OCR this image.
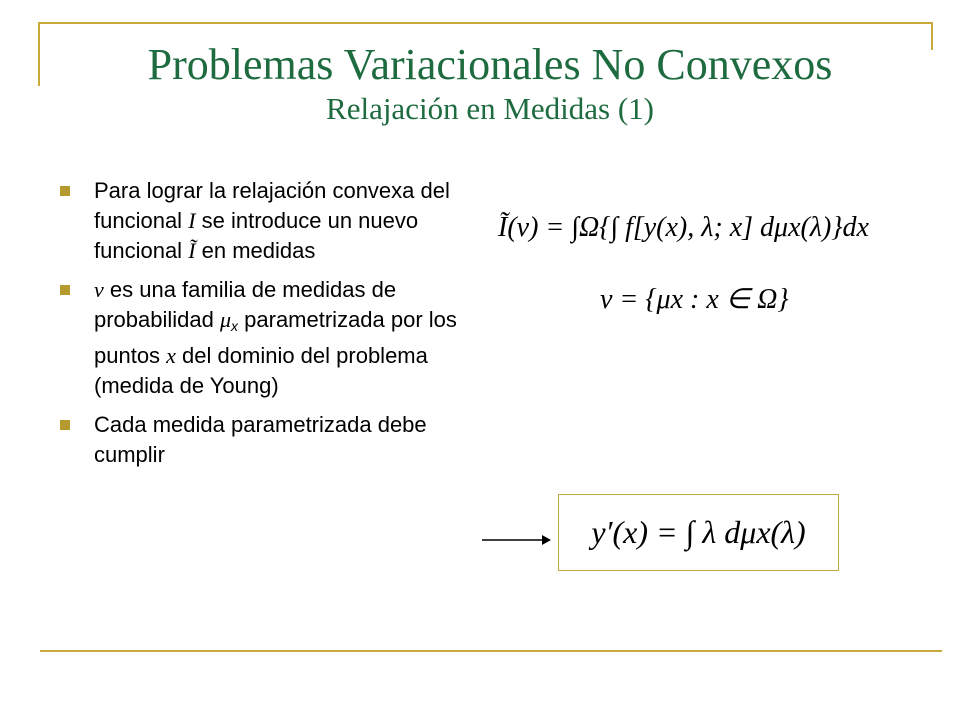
Problemas Variacionales No Convexos
Relajación en Medidas (1)
Para lograr la relajación convexa del funcional I se introduce un nuevo funcional Ĩ en medidas
ν es una familia de medidas de probabilidad $\mu_x$ parametrizada por los puntos x del dominio del problema (medida de Young)
Cada medida parametrizada debe cumplir
Ĩ(ν) = ∫Ω{∫ f[y(x), λ; x] dμx(λ)}dx
ν = {μx : x ∈ Ω}
y′(x) = ∫ λ dμx(λ)
